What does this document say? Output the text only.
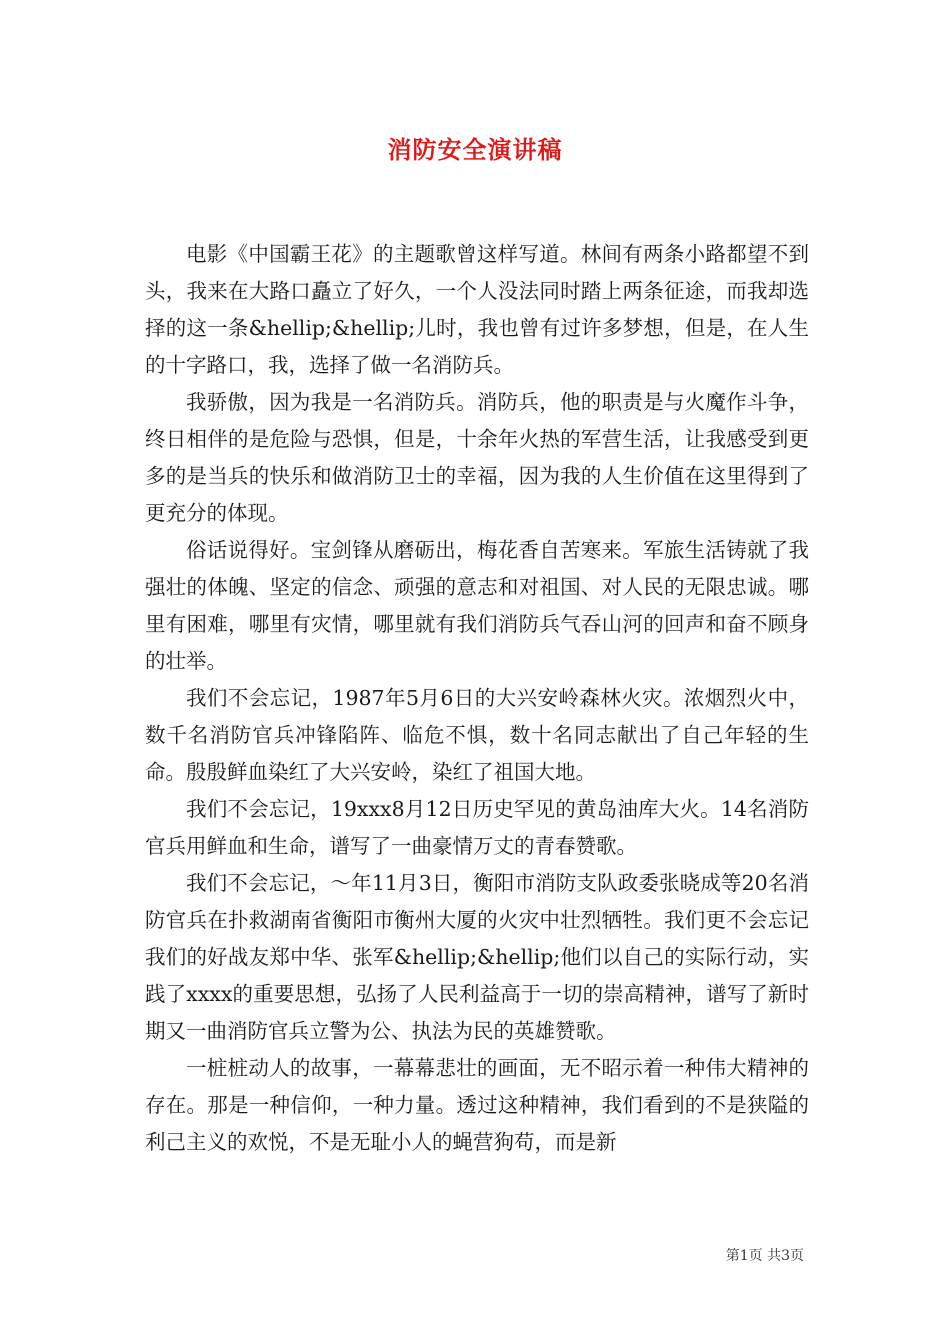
消防安全演讲稿

电影《中国霸王花》的主题歌曾这样写道。林间有两条小路都望不到头，我来在大路口矗立了好久，一个人没法同时踏上两条征途，而我却选择的这一条&hellip;&hellip;儿时，我也曾有过许多梦想，但是，在人生的十字路口，我，选择了做一名消防兵。

我骄傲，因为我是一名消防兵。消防兵，他的职责是与火魔作斗争，终日相伴的是危险与恐惧，但是，十余年火热的军营生活，让我感受到更多的是当兵的快乐和做消防卫士的幸福，因为我的人生价值在这里得到了更充分的体现。

俗话说得好。宝剑锋从磨砺出，梅花香自苦寒来。军旅生活铸就了我强壮的体魄、坚定的信念、顽强的意志和对祖国、对人民的无限忠诚。哪里有困难，哪里有灾情，哪里就有我们消防兵气吞山河的回声和奋不顾身的壮举。

我们不会忘记，1987年5月6日的大兴安岭森林火灾。浓烟烈火中，数千名消防官兵冲锋陷阵、临危不惧，数十名同志献出了自己年轻的生命。殷殷鲜血染红了大兴安岭，染红了祖国大地。

我们不会忘记，19xxx8月12日历史罕见的黄岛油库大火。14名消防官兵用鲜血和生命，谱写了一曲豪情万丈的青春赞歌。

我们不会忘记，～年11月3日，衡阳市消防支队政委张晓成等20名消防官兵在扑救湖南省衡阳市衡州大厦的火灾中壮烈牺牲。我们更不会忘记我们的好战友郑中华、张军&hellip;&hellip;他们以自己的实际行动，实践了xxxx的重要思想，弘扬了人民利益高于一切的崇高精神，谱写了新时期又一曲消防官兵立警为公、执法为民的英雄赞歌。

一桩桩动人的故事，一幕幕悲壮的画面，无不昭示着一种伟大精神的存在。那是一种信仰，一种力量。透过这种精神，我们看到的不是狭隘的利己主义的欢悦，不是无耻小人的蝇营狗苟，而是新

第1页 共3页
